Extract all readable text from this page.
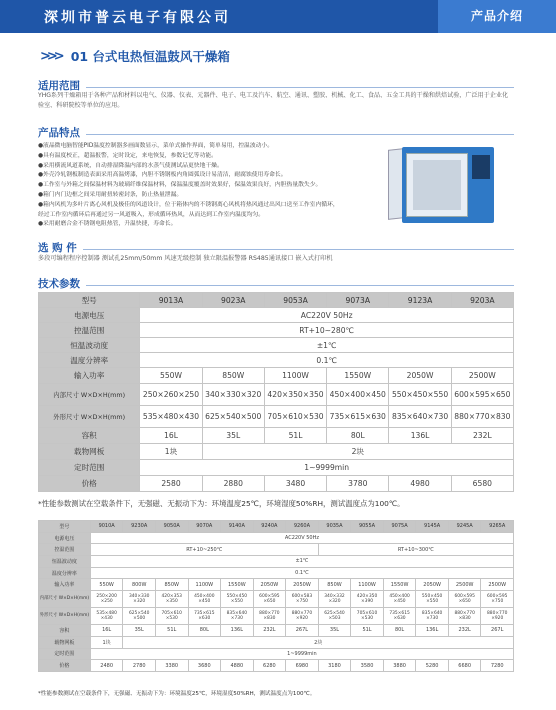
深圳市普云电子有限公司	产品介绍
>>> 01 台式电热恒温鼓风干燥箱
适用范围
YHG系列干燥箱用于各种产品和材料以电气、仪器、仪表、元器件、电子、电工及汽车、航空、通讯、塑胶、机械、化工、食品、五金工具的干燥和烘焙试验，广泛用于企业化验室、科研院校等单位的应用。
产品特点
●液晶微电脑智能PID温度控制器多画面数显示，菜单式操作界面，简单易用，控温波动小。
●具有温度校正，超温报警，定时设定，来电恢复，参数记忆等功能。
●采用横流风道系统，自动排湿降温内部的水蒸气使测试品更快地干燥。
●外壳冷轧钢板制造表面采用高温烤漆，内胆不锈钢板内角圆弧设计易清洁，耐腐蚀使用寿命长。
●工作室与外箱之间保温材料为玻璃纤维保温材料，保温温度覆盖时效果好，保温效果良好，内胆热量散失少。
●箱门内门边框之间采用耐扭转密封条，防止热量泄漏。
●箱内风机为多叶片离心风机及极佳的风道设计，位于箱体内的不锈钢离心风机将热风通过出风口送至工作室内循环，
经过工作室内循环后再通过另一风道吸入，形成循环热风，从而达到工作室内温度均匀。
●采用耐磨合金不锈钢电阻热管，升温快捷，寿命长。
选 购 件
多段可编程程序控制器 测试孔25mm/50mm 风速无级控制 独立限温报警器 RS485通讯接口 嵌入式打印机
技术参数
型号	9013A	9023A	9053A	9073A	9123A	9203A
电源电压	AC220V 50Hz					
控温范围	RT+10~280℃					
恒温波动度	±1℃					
温度分辨率	0.1℃					
输入功率	550W	850W	1100W	1550W	2050W	2500W
内部尺寸 W×D×H(mm)	250×260×250	340×330×320	420×350×350	450×400×450	550×450×550	600×595×650
外形尺寸 W×D×H(mm)	535×480×430	625×540×500	705×610×530	735×615×630	835×640×730	880×770×830
容积	16L	35L	51L	80L	136L	232L
载物网板	1块	2块				
定时范围	1~9999min					
价格	2580	2880	3480	3780	4980	6580
*性能参数测试在空载条件下，无强磁、无振动下为：环境温度25℃，环境湿度50%RH，测试温度点为100℃。
型号	9010A	9230A	9050A	9070A	9140A	9240A	9260A	9035A	9055A	9075A	9145A	9245A	9265A
电源电压	AC220V 50Hz												
控温范围	RT+10~250℃							RT+10~300℃					
恒温波动度	±1℃												
温度分辨率	0.1℃												
输入功率	550W	800W	850W	1100W	1550W	2050W	2050W	850W	1100W	1550W	2050W	2500W	2500W
内部尺寸 W×D×H(mm)	250×200 ×250	340×330 ×320	420×353 ×350	450×400 ×450	550×450 ×550	600×595 ×650	600×583 ×750	340×332 ×320	420×350 ×390	450×400 ×450	550×450 ×550	600×595 ×650	600×595 ×750
外形尺寸 W×D×H(mm)	535×480 ×430	625×540 ×500	705×610 ×530	735×615 ×630	835×640 ×730	880×770 ×830	880×770 ×920	625×540 ×503	705×610 ×530	735×615 ×630	835×640 ×730	880×770 ×830	880×770 ×920
容积	16L	35L	51L	80L	136L	232L	267L	35L	51L	80L	136L	232L	267L
载物网板	1块	2块											
定时范围	1~9999min												
价格	2480	2780	3380	3680	4880	6280	6980	3180	3580	3880	5280	6680	7280
*性能参数测试在空载条件下，无强磁、无振动下为：环境温度25℃，环境湿度50%RH，测试温度点为100℃。
